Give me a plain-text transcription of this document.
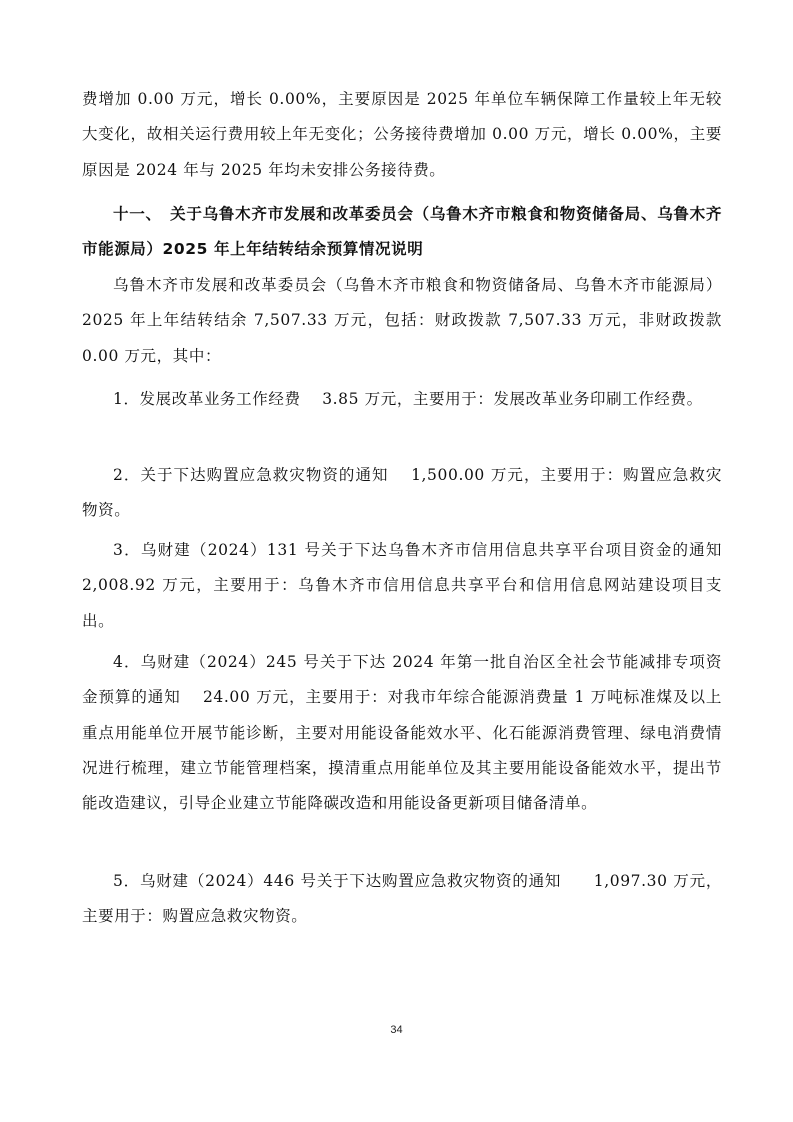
费增加 0.00 万元，增长 0.00%，主要原因是 2025 年单位车辆保障工作量较上年无较大变化，故相关运行费用较上年无变化；公务接待费增加 0.00 万元，增长 0.00%，主要原因是 2024 年与 2025 年均未安排公务接待费。

十一、　关于乌鲁木齐市发展和改革委员会（乌鲁木齐市粮食和物资储备局、乌鲁木齐市能源局）2025 年上年结转结余预算情况说明

乌鲁木齐市发展和改革委员会（乌鲁木齐市粮食和物资储备局、乌鲁木齐市能源局）2025 年上年结转结余 7,507.33 万元，包括：财政拨款 7,507.33 万元，非财政拨款 0.00 万元，其中：

1．发展改革业务工作经费　 3.85 万元，主要用于：发展改革业务印刷工作经费。

2．关于下达购置应急救灾物资的通知　 1,500.00 万元，主要用于：购置应急救灾物资。

3．乌财建（2024）131 号关于下达乌鲁木齐市信用信息共享平台项目资金的通知　2,008.92 万元，主要用于：乌鲁木齐市信用信息共享平台和信用信息网站建设项目支出。

4．乌财建（2024）245 号关于下达 2024 年第一批自治区全社会节能减排专项资金预算的通知　 24.00 万元，主要用于：对我市年综合能源消费量 1 万吨标准煤及以上重点用能单位开展节能诊断，主要对用能设备能效水平、化石能源消费管理、绿电消费情况进行梳理，建立节能管理档案，摸清重点用能单位及其主要用能设备能效水平，提出节能改造建议，引导企业建立节能降碳改造和用能设备更新项目储备清单。

5．乌财建（2024）446 号关于下达购置应急救灾物资的通知　　1,097.30 万元，主要用于：购置应急救灾物资。

34
